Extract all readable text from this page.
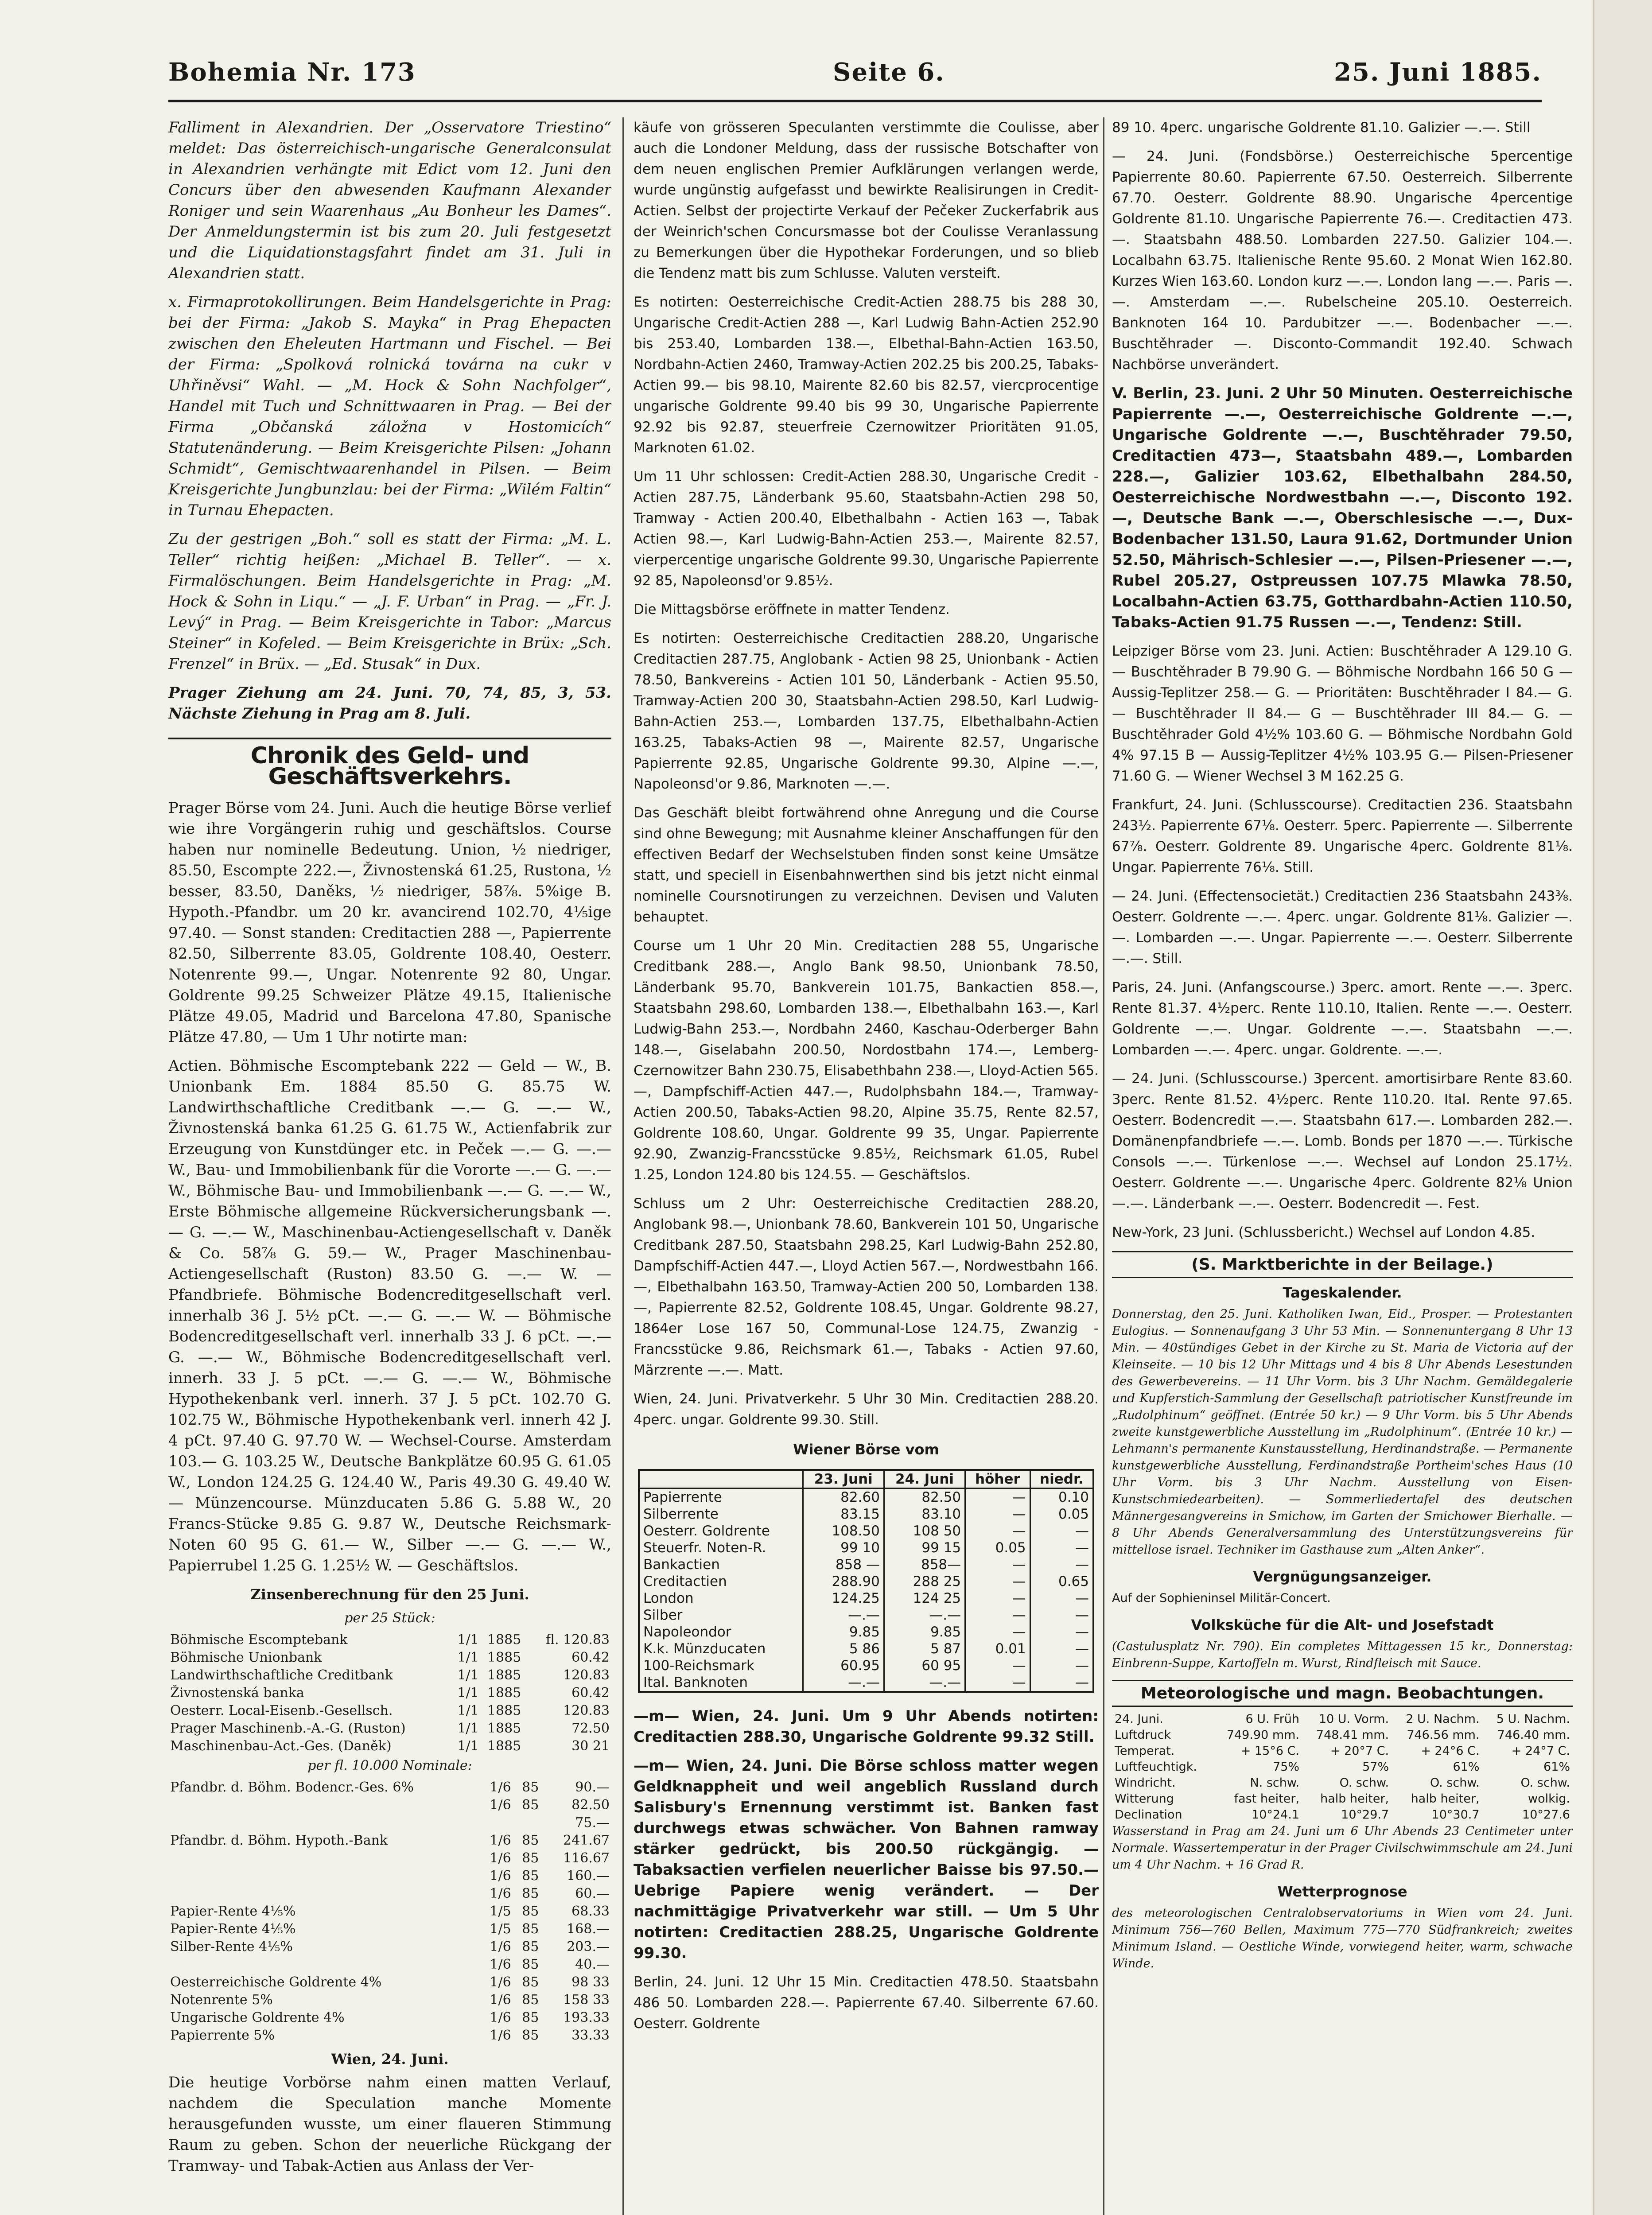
Bohemia Nr. 173	Seite 6.	25. Juni 1885.

Falliment in Alexandrien. Der „Osservatore Triestino“ meldet: Das österreichisch-ungarische Generalconsulat in Alexandrien verhängte mit Edict vom 12. Juni den Concurs über den abwesenden Kaufmann Alexander Roniger und sein Waarenhaus „Au Bonheur les Dames“. Der Anmeldungstermin ist bis zum 20. Juli festgesetzt und die Liquidationstagsfahrt findet am 31. Juli in Alexandrien statt.

x. Firmaprotokollirungen. Beim Handelsgerichte in Prag: bei der Firma: „Jakob S. Mayka“ in Prag Ehepacten zwischen den Eheleuten Hartmann und Fischel. — Bei der Firma: „Spolková rolnická továrna na cukr v Uhřiněvsi“ Wahl. — „M. Hock & Sohn Nachfolger“, Handel mit Tuch und Schnittwaaren in Prag. — Bei der Firma „Občanská záložna v Hostomicích“ Statutenänderung. — Beim Kreisgerichte Pilsen: „Johann Schmidt“, Gemischtwaarenhandel in Pilsen. — Beim Kreisgerichte Jungbunzlau: bei der Firma: „Wilém Faltin“ in Turnau Ehepacten.

Zu der gestrigen „Boh.“ soll es statt der Firma: „M. L. Teller“ richtig heißen: „Michael B. Teller“. — x. Firmalöschungen. Beim Handelsgerichte in Prag: „M. Hock & Sohn in Liqu.“ — „J. F. Urban“ in Prag. — „Fr. J. Levý“ in Prag. — Beim Kreisgerichte in Tabor: „Marcus Steiner“ in Kofeled. — Beim Kreisgerichte in Brüx: „Sch. Frenzel“ in Brüx. — „Ed. Stusak“ in Dux.

Prager Ziehung am 24. Juni. 70, 74, 85, 3, 53. Nächste Ziehung in Prag am 8. Juli.

Chronik des Geld- und Geschäftsverkehrs.

Prager Börse vom 24. Juni. Auch die heutige Börse verlief wie ihre Vorgängerin ruhig und geschäftslos. Course haben nur nominelle Bedeutung. Union, ½ niedriger, 85.50, Escompte 222.—, Živnostenská 61.25, Rustona, ½ besser, 83.50, Daněks, ½ niedriger, 58⅞. 5%ige B. Hypoth.-Pfandbr. um 20 kr. avancirend 102.70, 4⅕ige 97.40. — Sonst standen: Creditactien 288 —, Papierrente 82.50, Silberrente 83.05, Goldrente 108.40, Oesterr. Notenrente 99.—, Ungar. Notenrente 92 80, Ungar. Goldrente 99.25 Schweizer Plätze 49.15, Italienische Plätze 49.05, Madrid und Barcelona 47.80, Spanische Plätze 47.80, — Um 1 Uhr notirte man:

Actien. Böhmische Escomptebank 222 — Geld — W., B. Unionbank Em. 1884 85.50 G. 85.75 W. Landwirthschaftliche Creditbank —.— G. —.— W., Živnostenská banka 61.25 G. 61.75 W., Actienfabrik zur Erzeugung von Kunstdünger etc. in Peček —.— G. —.— W., Bau- und Immobilienbank für die Vororte —.— G. —.— W., Böhmische Bau- und Immobilienbank —.— G. —.— W., Erste Böhmische allgemeine Rückversicherungsbank —.— G. —.— W., Maschinenbau-Actiengesellschaft v. Daněk & Co. 58⅞ G. 59.— W., Prager Maschinenbau-Actiengesellschaft (Ruston) 83.50 G. —.— W. — Pfandbriefe. Böhmische Bodencreditgesellschaft verl. innerhalb 36 J. 5½ pCt. —.— G. —.— W. — Böhmische Bodencreditgesellschaft verl. innerhalb 33 J. 6 pCt. —.— G. —.— W., Böhmische Bodencreditgesellschaft verl. innerh. 33 J. 5 pCt. —.— G. —.— W., Böhmische Hypothekenbank verl. innerh. 37 J. 5 pCt. 102.70 G. 102.75 W., Böhmische Hypothekenbank verl. innerh 42 J. 4 pCt. 97.40 G. 97.70 W. — Wechsel-Course. Amsterdam 103.— G. 103.25 W., Deutsche Bankplätze 60.95 G. 61.05 W., London 124.25 G. 124.40 W., Paris 49.30 G. 49.40 W. — Münzencourse. Münzducaten 5.86 G. 5.88 W., 20 Francs-Stücke 9.85 G. 9.87 W., Deutsche Reichsmark-Noten 60 95 G. 61.— W., Silber —.— G. —.— W., Papierrubel 1.25 G. 1.25½ W. — Geschäftslos.

Zinsenberechnung für den 25 Juni.
per 25 Stück:
Böhmische Escomptebank	1/1	1885	fl. 120.83
Böhmische Unionbank	1/1	1885	60.42
Landwirthschaftliche Creditbank	1/1	1885	120.83
Živnostenská banka	1/1	1885	60.42
Oesterr. Local-Eisenb.-Gesellsch.	1/1	1885	120.83
Prager Maschinenb.-A.-G. (Ruston)	1/1	1885	72.50
Maschinenbau-Act.-Ges. (Daněk)	1/1	1885	30 21
per fl. 10.000 Nominale:
Pfandbr. d. Böhm. Bodencr.-Ges. 6%	1/6	85	90.—
	1/6	85	82.50
			75.—
Pfandbr. d. Böhm. Hypoth.-Bank	1/6	85	241.67
	1/6	85	116.67
	1/6	85	160.—
	1/6	85	60.—
Papier-Rente 4⅕%	1/5	85	68.33
Papier-Rente 4⅕%	1/5	85	168.—
Silber-Rente 4⅕%	1/6	85	203.—
	1/6	85	40.—
Oesterreichische Goldrente 4%	1/6	85	98 33
Notenrente 5%	1/6	85	158 33
Ungarische Goldrente 4%	1/6	85	193.33
Papierrente 5%	1/6	85	33.33
Wien, 24. Juni.

Die heutige Vorbörse nahm einen matten Verlauf, nachdem die Speculation manche Momente herausgefunden wusste, um einer flaueren Stimmung Raum zu geben. Schon der neuerliche Rückgang der Tramway- und Tabak-Actien aus Anlass der Ver-

käufe von grösseren Speculanten verstimmte die Coulisse, aber auch die Londoner Meldung, dass der russische Botschafter von dem neuen englischen Premier Aufklärungen verlangen werde, wurde ungünstig aufgefasst und bewirkte Realisirungen in Credit-Actien. Selbst der projectirte Verkauf der Pečeker Zuckerfabrik aus der Weinrich'schen Concursmasse bot der Coulisse Veranlassung zu Bemerkungen über die Hypothekar Forderungen, und so blieb die Tendenz matt bis zum Schlusse. Valuten versteift.

Es notirten: Oesterreichische Credit-Actien 288.75 bis 288 30, Ungarische Credit-Actien 288 —, Karl Ludwig Bahn-Actien 252.90 bis 253.40, Lombarden 138.—, Elbethal-Bahn-Actien 163.50, Nordbahn-Actien 2460, Tramway-Actien 202.25 bis 200.25, Tabaks-Actien 99.— bis 98.10, Mairente 82.60 bis 82.57, viercprocentige ungarische Goldrente 99.40 bis 99 30, Ungarische Papierrente 92.92 bis 92.87, steuerfreie Czernowitzer Prioritäten 91.05, Marknoten 61.02.

Um 11 Uhr schlossen: Credit-Actien 288.30, Ungarische Credit - Actien 287.75, Länderbank 95.60, Staatsbahn-Actien 298 50, Tramway - Actien 200.40, Elbethalbahn - Actien 163 —, Tabak Actien 98.—, Karl Ludwig-Bahn-Actien 253.—, Mairente 82.57, vierpercentige ungarische Goldrente 99.30, Ungarische Papierrente 92 85, Napoleonsd'or 9.85½.

Die Mittagsbörse eröffnete in matter Tendenz.

Es notirten: Oesterreichische Creditactien 288.20, Ungarische Creditactien 287.75, Anglobank - Actien 98 25, Unionbank - Actien 78.50, Bankvereins - Actien 101 50, Länderbank - Actien 95.50, Tramway-Actien 200 30, Staatsbahn-Actien 298.50, Karl Ludwig-Bahn-Actien 253.—, Lombarden 137.75, Elbethalbahn-Actien 163.25, Tabaks-Actien 98 —, Mairente 82.57, Ungarische Papierrente 92.85, Ungarische Goldrente 99.30, Alpine —.—, Napoleonsd'or 9.86, Marknoten —.—.

Das Geschäft bleibt fortwährend ohne Anregung und die Course sind ohne Bewegung; mit Ausnahme kleiner Anschaffungen für den effectiven Bedarf der Wechselstuben finden sonst keine Umsätze statt, und speciell in Eisenbahnwerthen sind bis jetzt nicht einmal nominelle Coursnotirungen zu verzeichnen. Devisen und Valuten behauptet.

Course um 1 Uhr 20 Min. Creditactien 288 55, Ungarische Creditbank 288.—, Anglo Bank 98.50, Unionbank 78.50, Länderbank 95.70, Bankverein 101.75, Bankactien 858.—, Staatsbahn 298.60, Lombarden 138.—, Elbethalbahn 163.—, Karl Ludwig-Bahn 253.—, Nordbahn 2460, Kaschau-Oderberger Bahn 148.—, Giselabahn 200.50, Nordostbahn 174.—, Lemberg-Czernowitzer Bahn 230.75, Elisabethbahn 238.—, Lloyd-Actien 565.—, Dampfschiff-Actien 447.—, Rudolphsbahn 184.—, Tramway-Actien 200.50, Tabaks-Actien 98.20, Alpine 35.75, Rente 82.57, Goldrente 108.60, Ungar. Goldrente 99 35, Ungar. Papierrente 92.90, Zwanzig-Francsstücke 9.85½, Reichsmark 61.05, Rubel 1.25, London 124.80 bis 124.55. — Geschäftslos.

Schluss um 2 Uhr: Oesterreichische Creditactien 288.20, Anglobank 98.—, Unionbank 78.60, Bankverein 101 50, Ungarische Creditbank 287.50, Staatsbahn 298.25, Karl Ludwig-Bahn 252.80, Dampfschiff-Actien 447.—, Lloyd Actien 567.—, Nordwestbahn 166.—, Elbethalbahn 163.50, Tramway-Actien 200 50, Lombarden 138.—, Papierrente 82.52, Goldrente 108.45, Ungar. Goldrente 98.27, 1864er Lose 167 50, Communal-Lose 124.75, Zwanzig - Francsstücke 9.86, Reichsmark 61.—, Tabaks - Actien 97.60, Märzrente —.—. Matt.

Wien, 24. Juni. Privatverkehr. 5 Uhr 30 Min. Creditactien 288.20. 4perc. ungar. Goldrente 99.30. Still.

Wiener Börse vom
	23. Juni	24. Juni	höher	niedr.
Papierrente	82.60	82.50	—	0.10
Silberrente	83.15	83.10	—	0.05
Oesterr. Goldrente	108.50	108 50	—	—
Steuerfr. Noten-R.	99 10	99 15	0.05	—
Bankactien	858 —	858—	—	—
Creditactien	288.90	288 25	—	0.65
London	124.25	124 25	—	—
Silber	—.—	—.—	—	—
Napoleondor	9.85	9.85	—	—
K.k. Münzducaten	5 86	5 87	0.01	—
100-Reichsmark	60.95	60 95	—	—
Ital. Banknoten	—.—	—.—	—	—

—m— Wien, 24. Juni. Um 9 Uhr Abends notirten: Creditactien 288.30, Ungarische Goldrente 99.32 Still.

—m— Wien, 24. Juni. Die Börse schloss matter wegen Geldknappheit und weil angeblich Russland durch Salisbury's Ernennung verstimmt ist. Banken fast durchwegs etwas schwächer. Von Bahnen ramway stärker gedrückt, bis 200.50 rückgängig. — Tabaksactien verfielen neuerlicher Baisse bis 97.50.— Uebrige Papiere wenig verändert. — Der nachmittägige Privatverkehr war still. — Um 5 Uhr notirten: Creditactien 288.25, Ungarische Goldrente 99.30.

Berlin, 24. Juni. 12 Uhr 15 Min. Creditactien 478.50. Staatsbahn 486 50. Lombarden 228.—. Papierrente 67.40. Silberrente 67.60. Oesterr. Goldrente

89 10. 4perc. ungarische Goldrente 81.10. Galizier —.—. Still

— 24. Juni. (Fondsbörse.) Oesterreichische 5percentige Papierrente 80.60. Papierrente 67.50. Oesterreich. Silberrente 67.70. Oesterr. Goldrente 88.90. Ungarische 4percentige Goldrente 81.10. Ungarische Papierrente 76.—. Creditactien 473.—. Staatsbahn 488.50. Lombarden 227.50. Galizier 104.—. Localbahn 63.75. Italienische Rente 95.60. 2 Monat Wien 162.80. Kurzes Wien 163.60. London kurz —.—. London lang —.—. Paris —.—. Amsterdam —.—. Rubelscheine 205.10. Oesterreich. Banknoten 164 10. Pardubitzer —.—. Bodenbacher —.—. Buschtěhrader —. Disconto-Commandit 192.40. Schwach Nachbörse unverändert.

V. Berlin, 23. Juni. 2 Uhr 50 Minuten. Oesterreichische Papierrente —.—, Oesterreichische Goldrente —.—, Ungarische Goldrente —.—, Buschtěhrader 79.50, Creditactien 473—, Staatsbahn 489.—, Lombarden 228.—, Galizier 103.62, Elbethalbahn 284.50, Oesterreichische Nordwestbahn —.—, Disconto 192.—, Deutsche Bank —.—, Oberschlesische —.—, Dux-Bodenbacher 131.50, Laura 91.62, Dortmunder Union 52.50, Mährisch-Schlesier —.—, Pilsen-Priesener —.—, Rubel 205.27, Ostpreussen 107.75 Mlawka 78.50, Localbahn-Actien 63.75, Gotthardbahn-Actien 110.50, Tabaks-Actien 91.75 Russen —.—, Tendenz: Still.

Leipziger Börse vom 23. Juni. Actien: Buschtěhrader A 129.10 G. — Buschtěhrader B 79.90 G. — Böhmische Nordbahn 166 50 G — Aussig-Teplitzer 258.— G. — Prioritäten: Buschtěhrader I 84.— G. — Buschtěhrader II 84.— G — Buschtěhrader III 84.— G. — Buschtěhrader Gold 4½% 103.60 G. — Böhmische Nordbahn Gold 4% 97.15 B — Aussig-Teplitzer 4½% 103.95 G.— Pilsen-Priesener 71.60 G. — Wiener Wechsel 3 M 162.25 G.

Frankfurt, 24. Juni. (Schlusscourse). Creditactien 236. Staatsbahn 243½. Papierrente 67⅛. Oesterr. 5perc. Papierrente —. Silberrente 67⅞. Oesterr. Goldrente 89. Ungarische 4perc. Goldrente 81⅛. Ungar. Papierrente 76⅛. Still.

— 24. Juni. (Effectensocietät.) Creditactien 236 Staatsbahn 243⅜. Oesterr. Goldrente —.—. 4perc. ungar. Goldrente 81⅛. Galizier —.—. Lombarden —.—. Ungar. Papierrente —.—. Oesterr. Silberrente —.—. Still.

Paris, 24. Juni. (Anfangscourse.) 3perc. amort. Rente —.—. 3perc. Rente 81.37. 4½perc. Rente 110.10, Italien. Rente —.—. Oesterr. Goldrente —.—. Ungar. Goldrente —.—. Staatsbahn —.—. Lombarden —.—. 4perc. ungar. Goldrente. —.—.

— 24. Juni. (Schlusscourse.) 3percent. amortisirbare Rente 83.60. 3perc. Rente 81.52. 4½perc. Rente 110.20. Ital. Rente 97.65. Oesterr. Bodencredit —.—. Staatsbahn 617.—. Lombarden 282.—. Domänenpfandbriefe —.—. Lomb. Bonds per 1870 —.—. Türkische Consols —.—. Türkenlose —.—. Wechsel auf London 25.17½. Oesterr. Goldrente —.—. Ungarische 4perc. Goldrente 82⅛ Union —.—. Länderbank —.—. Oesterr. Bodencredit —. Fest.

New-York, 23 Juni. (Schlussbericht.) Wechsel auf London 4.85.

(S. Marktberichte in der Beilage.)
Tageskalender.

Donnerstag, den 25. Juni. Katholiken Iwan, Eid., Prosper. — Protestanten Eulogius. — Sonnenaufgang 3 Uhr 53 Min. — Sonnenuntergang 8 Uhr 13 Min. — 40stündiges Gebet in der Kirche zu St. Maria de Victoria auf der Kleinseite. — 10 bis 12 Uhr Mittags und 4 bis 8 Uhr Abends Lesestunden des Gewerbevereins. — 11 Uhr Vorm. bis 3 Uhr Nachm. Gemäldegalerie und Kupferstich-Sammlung der Gesellschaft patriotischer Kunstfreunde im „Rudolphinum“ geöffnet. (Entrée 50 kr.) — 9 Uhr Vorm. bis 5 Uhr Abends zweite kunstgewerbliche Ausstellung im „Rudolphinum“. (Entrée 10 kr.) — Lehmann's permanente Kunstausstellung, Herdinandstraße. — Permanente kunstgewerbliche Ausstellung, Ferdinandstraße Portheim'sches Haus (10 Uhr Vorm. bis 3 Uhr Nachm. Ausstellung von Eisen-Kunstschmiedearbeiten). — Sommerliedertafel des deutschen Männergesangvereins in Smichow, im Garten der Smichower Bierhalle. — 8 Uhr Abends Generalversammlung des Unterstützungsvereins für mittellose israel. Techniker im Gasthause zum „Alten Anker“.

Vergnügungsanzeiger.

Auf der Sophieninsel Militär-Concert.

Volksküche für die Alt- und Josefstadt

(Castulusplatz Nr. 790). Ein completes Mittagessen 15 kr., Donnerstag: Einbrenn-Suppe, Kartoffeln m. Wurst, Rindfleisch mit Sauce.

Meteorologische und magn. Beobachtungen.
24. Juni.	6 U. Früh	10 U. Vorm.	2 U. Nachm.	5 U. Nachm.
Luftdruck	749.90 mm.	748.41 mm.	746.56 mm.	746.40 mm.
Temperat.	+ 15°6 C.	+ 20°7 C.	+ 24°6 C.	+ 24°7 C.
Luftfeuchtigk.	75%	57%	61%	61%
Windricht.	N. schw.	O. schw.	O. schw.	O. schw.
Witterung	fast heiter,	halb heiter,	halb heiter,	wolkig.
Declination	10°24.1	10°29.7	10°30.7	10°27.6

Wasserstand in Prag am 24. Juni um 6 Uhr Abends 23 Centimeter unter Normale. Wassertemperatur in der Prager Civilschwimmschule am 24. Juni um 4 Uhr Nachm. + 16 Grad R.

Wetterprognose

des meteorologischen Centralobservatoriums in Wien vom 24. Juni. Minimum 756—760 Bellen, Maximum 775—770 Südfrankreich; zweites Minimum Island. — Oestliche Winde, vorwiegend heiter, warm, schwache Winde.
